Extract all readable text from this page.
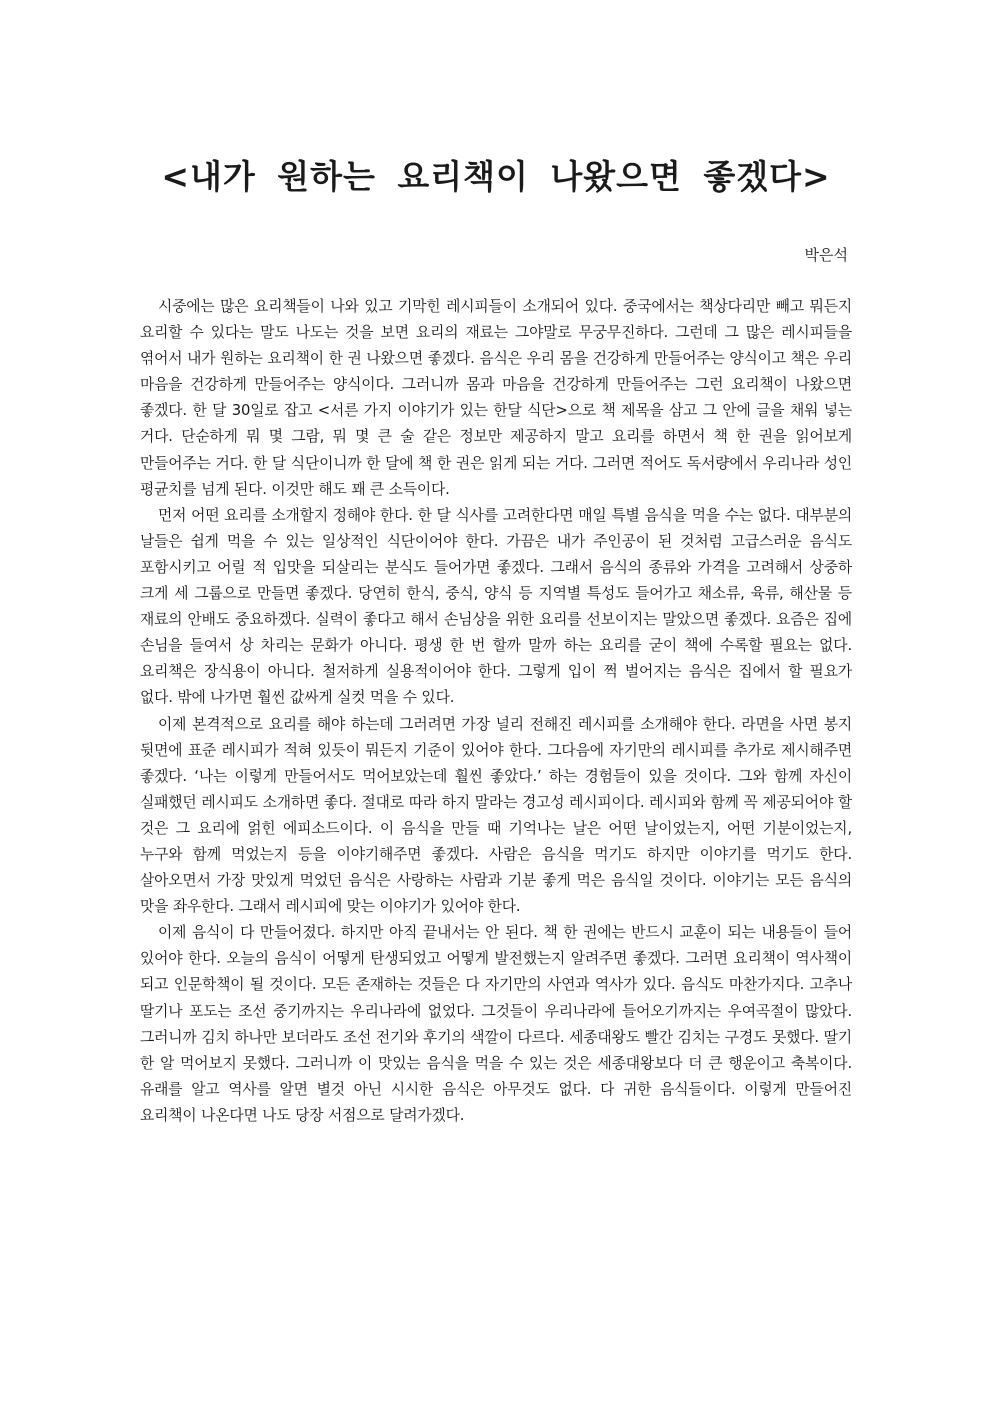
<내가 원하는 요리책이 나왔으면 좋겠다>
박은석

시중에는 많은 요리책들이 나와 있고 기막힌 레시피들이 소개되어 있다. 중국에서는 책상다리만 빼고 뭐든지 요리할 수 있다는 말도 나도는 것을 보면 요리의 재료는 그야말로 무궁무진하다. 그런데 그 많은 레시피들을 엮어서 내가 원하는 요리책이 한 권 나왔으면 좋겠다. 음식은 우리 몸을 건강하게 만들어주는 양식이고 책은 우리 마음을 건강하게 만들어주는 양식이다. 그러니까 몸과 마음을 건강하게 만들어주는 그런 요리책이 나왔으면 좋겠다. 한 달 30일로 잡고 <서른 가지 이야기가 있는 한달 식단>으로 책 제목을 삼고 그 안에 글을 채워 넣는 거다. 단순하게 뭐 몇 그람, 뭐 몇 큰 술 같은 정보만 제공하지 말고 요리를 하면서 책 한 권을 읽어보게 만들어주는 거다. 한 달 식단이니까 한 달에 책 한 권은 읽게 되는 거다. 그러면 적어도 독서량에서 우리나라 성인 평균치를 넘게 된다. 이것만 해도 꽤 큰 소득이다.

먼저 어떤 요리를 소개할지 정해야 한다. 한 달 식사를 고려한다면 매일 특별 음식을 먹을 수는 없다. 대부분의 날들은 쉽게 먹을 수 있는 일상적인 식단이어야 한다. 가끔은 내가 주인공이 된 것처럼 고급스러운 음식도 포함시키고 어릴 적 입맛을 되살리는 분식도 들어가면 좋겠다. 그래서 음식의 종류와 가격을 고려해서 상중하 크게 세 그룹으로 만들면 좋겠다. 당연히 한식, 중식, 양식 등 지역별 특성도 들어가고 채소류, 육류, 해산물 등 재료의 안배도 중요하겠다. 실력이 좋다고 해서 손님상을 위한 요리를 선보이지는 말았으면 좋겠다. 요즘은 집에 손님을 들여서 상 차리는 문화가 아니다. 평생 한 번 할까 말까 하는 요리를 굳이 책에 수록할 필요는 없다. 요리책은 장식용이 아니다. 철저하게 실용적이어야 한다. 그렇게 입이 쩍 벌어지는 음식은 집에서 할 필요가 없다. 밖에 나가면 훨씬 값싸게 실컷 먹을 수 있다.

이제 본격적으로 요리를 해야 하는데 그러려면 가장 널리 전해진 레시피를 소개해야 한다. 라면을 사면 봉지 뒷면에 표준 레시피가 적혀 있듯이 뭐든지 기준이 있어야 한다. 그다음에 자기만의 레시피를 추가로 제시해주면 좋겠다. ‘나는 이렇게 만들어서도 먹어보았는데 훨씬 좋았다.’ 하는 경험들이 있을 것이다. 그와 함께 자신이 실패했던 레시피도 소개하면 좋다. 절대로 따라 하지 말라는 경고성 레시피이다. 레시피와 함께 꼭 제공되어야 할 것은 그 요리에 얽힌 에피소드이다. 이 음식을 만들 때 기억나는 날은 어떤 날이었는지, 어떤 기분이었는지, 누구와 함께 먹었는지 등을 이야기해주면 좋겠다. 사람은 음식을 먹기도 하지만 이야기를 먹기도 한다. 살아오면서 가장 맛있게 먹었던 음식은 사랑하는 사람과 기분 좋게 먹은 음식일 것이다. 이야기는 모든 음식의 맛을 좌우한다. 그래서 레시피에 맞는 이야기가 있어야 한다.

이제 음식이 다 만들어졌다. 하지만 아직 끝내서는 안 된다. 책 한 권에는 반드시 교훈이 되는 내용들이 들어 있어야 한다. 오늘의 음식이 어떻게 탄생되었고 어떻게 발전했는지 알려주면 좋겠다. 그러면 요리책이 역사책이 되고 인문학책이 될 것이다. 모든 존재하는 것들은 다 자기만의 사연과 역사가 있다. 음식도 마찬가지다. 고추나 딸기나 포도는 조선 중기까지는 우리나라에 없었다. 그것들이 우리나라에 들어오기까지는 우여곡절이 많았다. 그러니까 김치 하나만 보더라도 조선 전기와 후기의 색깔이 다르다. 세종대왕도 빨간 김치는 구경도 못했다. 딸기 한 알 먹어보지 못했다. 그러니까 이 맛있는 음식을 먹을 수 있는 것은 세종대왕보다 더 큰 행운이고 축복이다. 유래를 알고 역사를 알면 별것 아닌 시시한 음식은 아무것도 없다. 다 귀한 음식들이다. 이렇게 만들어진 요리책이 나온다면 나도 당장 서점으로 달려가겠다.
